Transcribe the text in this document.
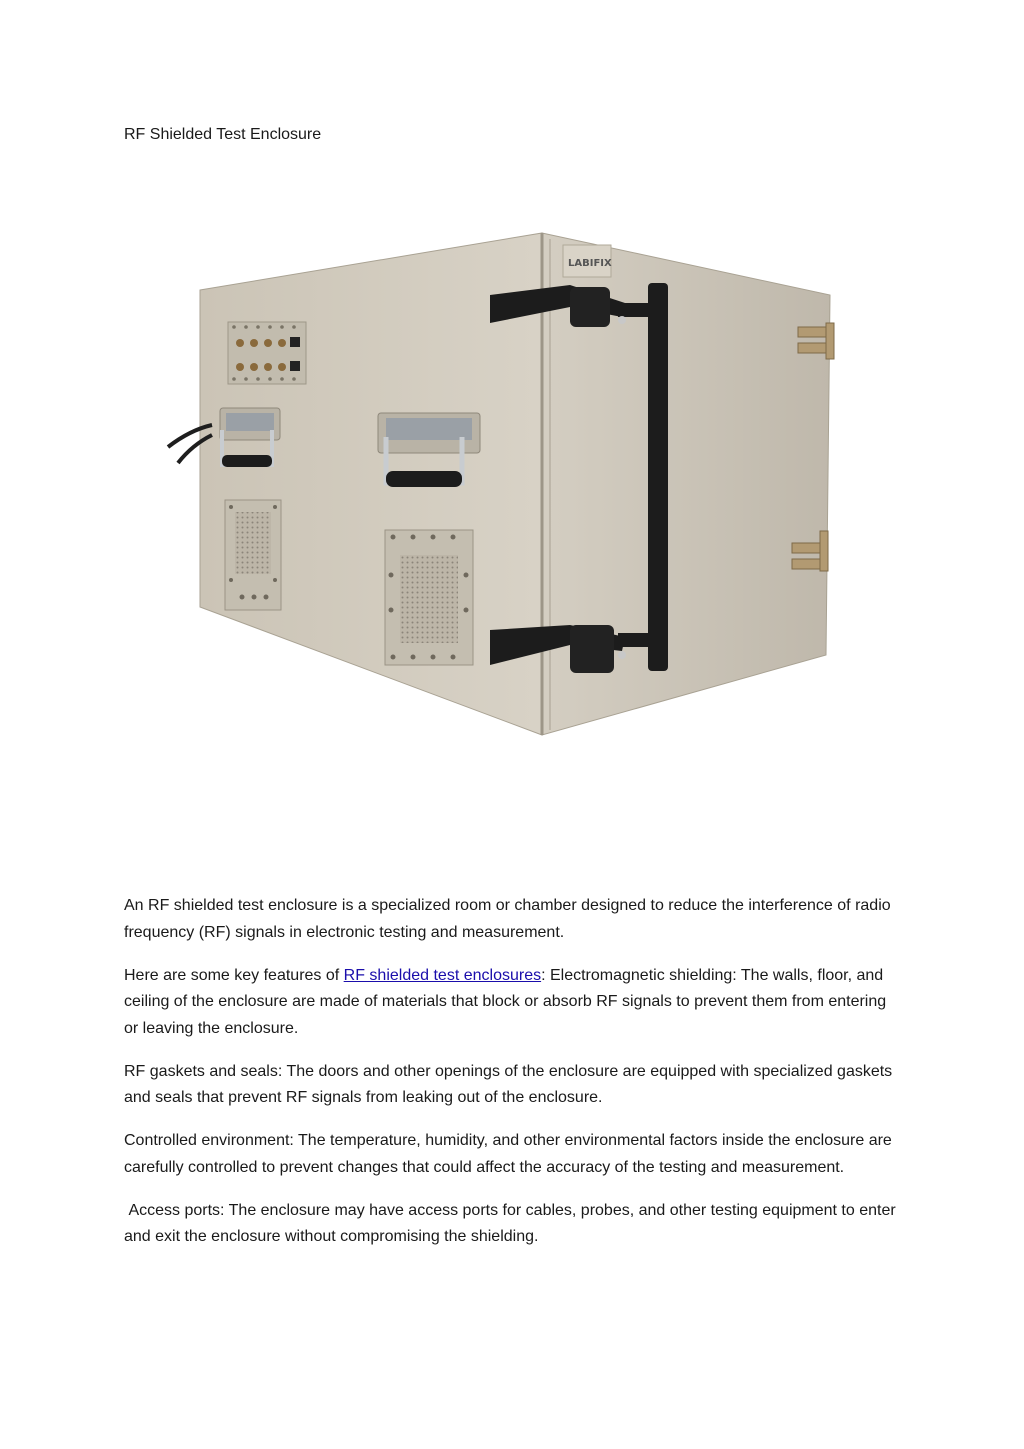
RF Shielded Test Enclosure
LABIFIX

An RF shielded test enclosure is a specialized room or chamber designed to reduce the interference of radio frequency (RF) signals in electronic testing and measurement.

Here are some key features of RF shielded test enclosures: Electromagnetic shielding: The walls, floor, and ceiling of the enclosure are made of materials that block or absorb RF signals to prevent them from entering or leaving the enclosure.

RF gaskets and seals: The doors and other openings of the enclosure are equipped with specialized gaskets and seals that prevent RF signals from leaking out of the enclosure.

Controlled environment: The temperature, humidity, and other environmental factors inside the enclosure are carefully controlled to prevent changes that could affect the accuracy of the testing and measurement.

Access ports: The enclosure may have access ports for cables, probes, and other testing equipment to enter and exit the enclosure without compromising the shielding.
